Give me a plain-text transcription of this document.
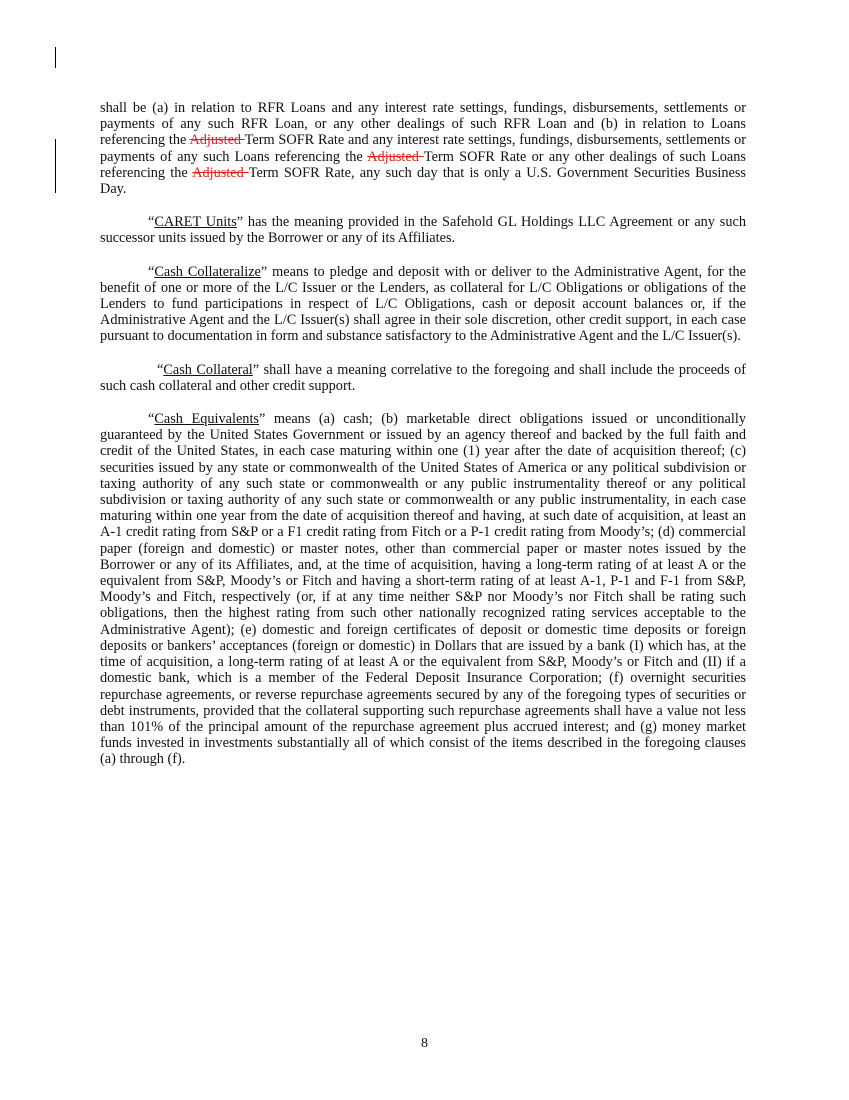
shall be (a) in relation to RFR Loans and any interest rate settings, fundings, disbursements, settlements or payments of any such RFR Loan, or any other dealings of such RFR Loan and (b) in relation to Loans referencing the Adjusted Term SOFR Rate and any interest rate settings, fundings, disbursements, settlements or payments of any such Loans referencing the Adjusted Term SOFR Rate or any other dealings of such Loans referencing the Adjusted Term SOFR Rate, any such day that is only a U.S. Government Securities Business Day.

“CARET Units” has the meaning provided in the Safehold GL Holdings LLC Agreement or any such successor units issued by the Borrower or any of its Affiliates.

“Cash Collateralize” means to pledge and deposit with or deliver to the Administrative Agent, for the benefit of one or more of the L/C Issuer or the Lenders, as collateral for L/C Obligations or obligations of the Lenders to fund participations in respect of L/C Obligations, cash or deposit account balances or, if the Administrative Agent and the L/C Issuer(s) shall agree in their sole discretion, other credit support, in each case pursuant to documentation in form and substance satisfactory to the Administrative Agent and the L/C Issuer(s).

“Cash Collateral” shall have a meaning correlative to the foregoing and shall include the proceeds of such cash collateral and other credit support.

“Cash Equivalents” means (a) cash; (b) marketable direct obligations issued or unconditionally guaranteed by the United States Government or issued by an agency thereof and backed by the full faith and credit of the United States, in each case maturing within one (1) year after the date of acquisition thereof; (c) securities issued by any state or commonwealth of the United States of America or any political subdivision or taxing authority of any such state or commonwealth or any public instrumentality thereof or any political subdivision or taxing authority of any such state or commonwealth or any public instrumentality, in each case maturing within one year from the date of acquisition thereof and having, at such date of acquisition, at least an A-1 credit rating from S&P or a F1 credit rating from Fitch or a P-1 credit rating from Moody’s; (d) commercial paper (foreign and domestic) or master notes, other than commercial paper or master notes issued by the Borrower or any of its Affiliates, and, at the time of acquisition, having a long-term rating of at least A or the equivalent from S&P, Moody’s or Fitch and having a short-term rating of at least A-1, P-1 and F-1 from S&P, Moody’s and Fitch, respectively (or, if at any time neither S&P nor Moody’s nor Fitch shall be rating such obligations, then the highest rating from such other nationally recognized rating services acceptable to the Administrative Agent); (e) domestic and foreign certificates of deposit or domestic time deposits or foreign deposits or bankers’ acceptances (foreign or domestic) in Dollars that are issued by a bank (I) which has, at the time of acquisition, a long-term rating of at least A or the equivalent from S&P, Moody’s or Fitch and (II) if a domestic bank, which is a member of the Federal Deposit Insurance Corporation; (f) overnight securities repurchase agreements, or reverse repurchase agreements secured by any of the foregoing types of securities or debt instruments, provided that the collateral supporting such repurchase agreements shall have a value not less than 101% of the principal amount of the repurchase agreement plus accrued interest; and (g) money market funds invested in investments substantially all of which consist of the items described in the foregoing clauses (a) through (f).

8
